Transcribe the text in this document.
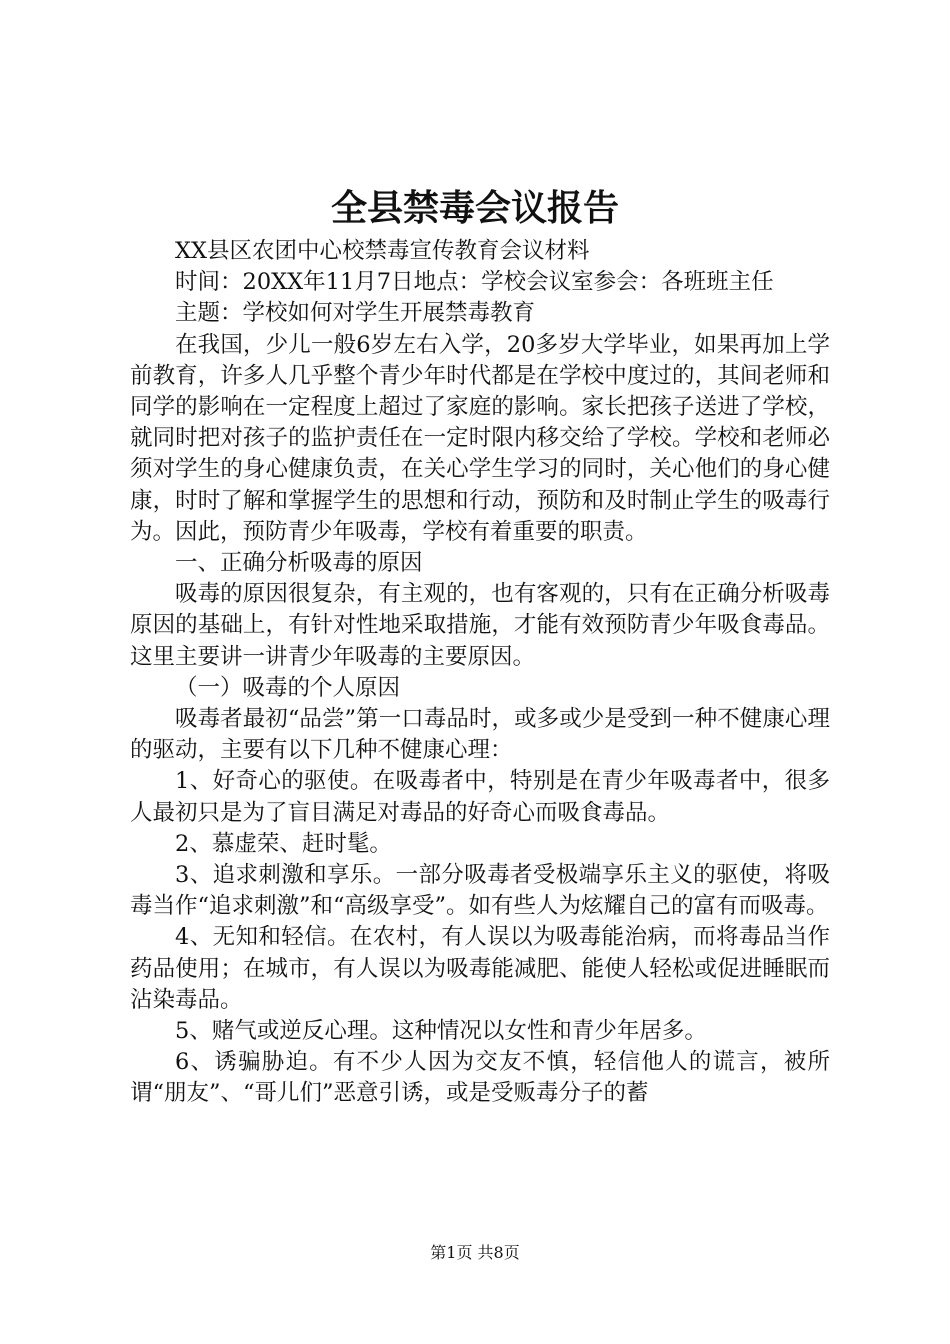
全县禁毒会议报告

XX县区农团中心校禁毒宣传教育会议材料

时间：20XX年11月7日地点：学校会议室参会：各班班主任

主题：学校如何对学生开展禁毒教育

在我国，少儿一般6岁左右入学，20多岁大学毕业，如果再加上学前教育，许多人几乎整个青少年时代都是在学校中度过的，其间老师和同学的影响在一定程度上超过了家庭的影响。家长把孩子送进了学校，就同时把对孩子的监护责任在一定时限内移交给了学校。学校和老师必须对学生的身心健康负责，在关心学生学习的同时，关心他们的身心健康，时时了解和掌握学生的思想和行动，预防和及时制止学生的吸毒行为。因此，预防青少年吸毒，学校有着重要的职责。

一、正确分析吸毒的原因

吸毒的原因很复杂，有主观的，也有客观的，只有在正确分析吸毒原因的基础上，有针对性地采取措施，才能有效预防青少年吸食毒品。这里主要讲一讲青少年吸毒的主要原因。

（一）吸毒的个人原因

吸毒者最初“品尝”第一口毒品时，或多或少是受到一种不健康心理的驱动，主要有以下几种不健康心理：

1、好奇心的驱使。在吸毒者中，特别是在青少年吸毒者中，很多人最初只是为了盲目满足对毒品的好奇心而吸食毒品。

2、慕虚荣、赶时髦。

3、追求刺激和享乐。一部分吸毒者受极端享乐主义的驱使，将吸毒当作“追求刺激”和“高级享受”。如有些人为炫耀自己的富有而吸毒。

4、无知和轻信。在农村，有人误以为吸毒能治病，而将毒品当作药品使用；在城市，有人误以为吸毒能减肥、能使人轻松或促进睡眠而沾染毒品。

5、赌气或逆反心理。这种情况以女性和青少年居多。

6、诱骗胁迫。有不少人因为交友不慎，轻信他人的谎言，被所谓“朋友”、“哥儿们”恶意引诱，或是受贩毒分子的蓄

第1页 共8页
